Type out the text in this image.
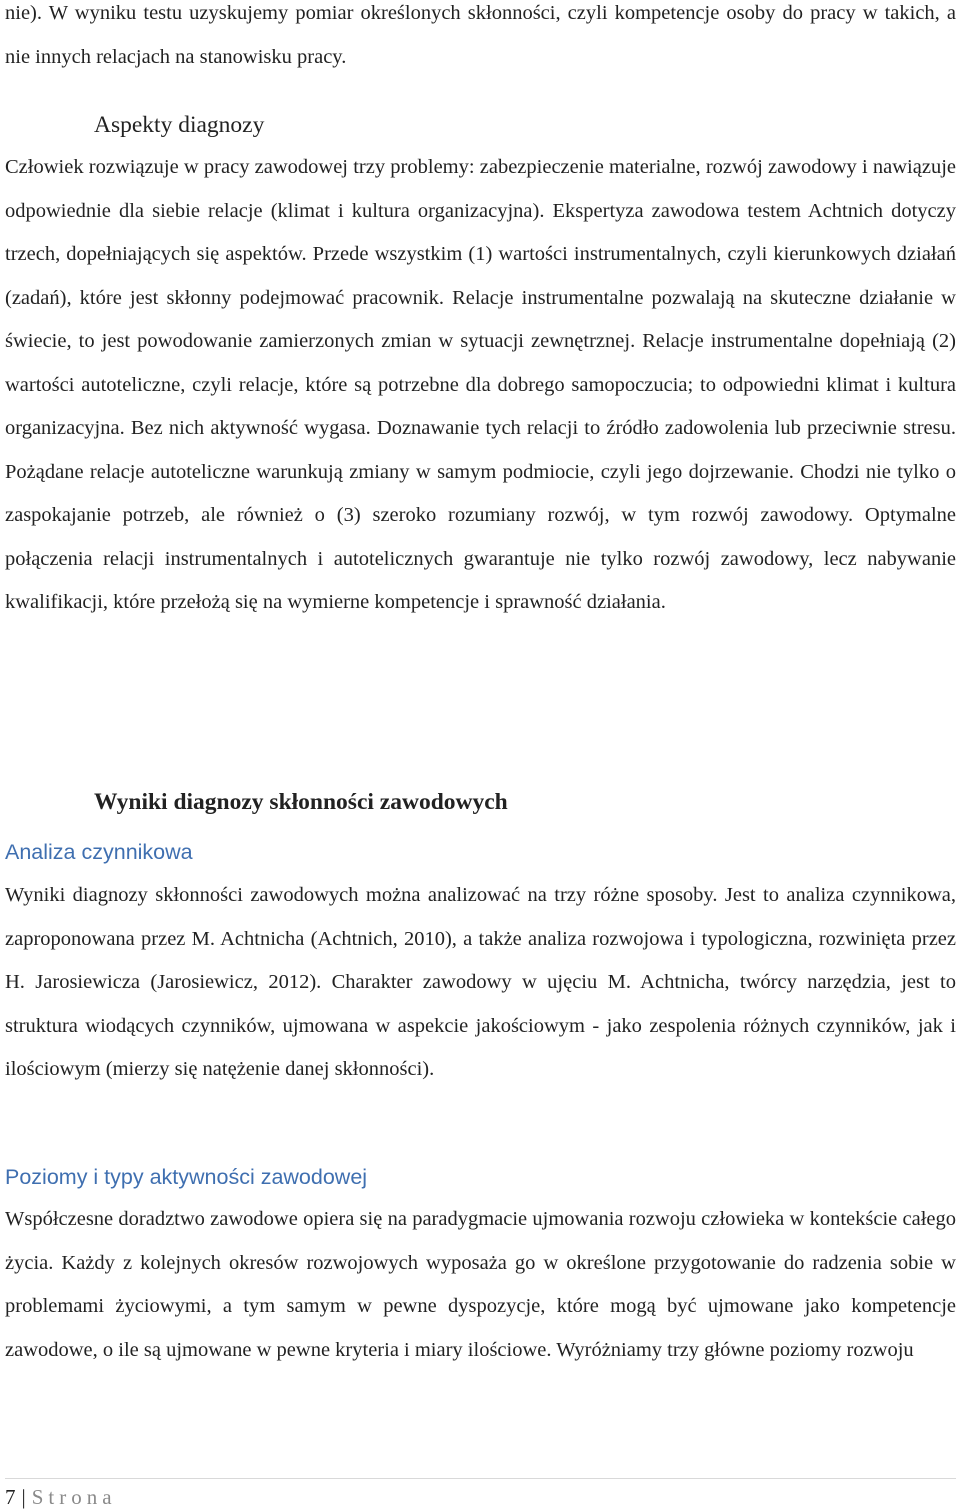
nie). W wyniku testu uzyskujemy pomiar określonych skłonności, czyli kompetencje osoby do pracy w takich, a nie innych relacjach na stanowisku pracy.

Aspekty diagnozy

Człowiek rozwiązuje w pracy zawodowej trzy problemy: zabezpieczenie materialne, rozwój zawodowy i nawiązuje odpowiednie dla siebie relacje (klimat i kultura organizacyjna). Ekspertyza zawodowa testem Achtnich dotyczy trzech, dopełniających się aspektów. Przede wszystkim (1) wartości instrumentalnych, czyli kierunkowych działań (zadań), które jest skłonny podejmować pracownik. Relacje instrumentalne pozwalają na skuteczne działanie w świecie, to jest powodowanie zamierzonych zmian w sytuacji zewnętrznej. Relacje instrumentalne dopełniają (2) wartości autoteliczne, czyli relacje, które są potrzebne dla dobrego samopoczucia; to odpowiedni klimat i kultura organizacyjna. Bez nich aktywność wygasa. Doznawanie tych relacji to źródło zadowolenia lub przeciwnie stresu. Pożądane relacje autoteliczne warunkują zmiany w samym podmiocie, czyli jego dojrzewanie. Chodzi nie tylko o zaspokajanie potrzeb, ale również o (3) szeroko rozumiany rozwój, w tym rozwój zawodowy. Optymalne połączenia relacji instrumentalnych i autotelicznych gwarantuje nie tylko rozwój zawodowy, lecz nabywanie kwalifikacji, które przełożą się na wymierne kompetencje i sprawność działania.

Wyniki diagnozy skłonności zawodowych
Analiza czynnikowa

Wyniki diagnozy skłonności zawodowych można analizować na trzy różne sposoby. Jest to analiza czynnikowa, zaproponowana przez M. Achtnicha (Achtnich, 2010), a także analiza rozwojowa i typologiczna, rozwinięta przez H. Jarosiewicza (Jarosiewicz, 2012). Charakter zawodowy w ujęciu M. Achtnicha, twórcy narzędzia, jest to struktura wiodących czynników, ujmowana w aspekcie jakościowym - jako zespolenia różnych czynników, jak i ilościowym (mierzy się natężenie danej skłonności).

Poziomy i typy aktywności zawodowej

Współczesne doradztwo zawodowe opiera się na paradygmacie ujmowania rozwoju człowieka w kontekście całego życia. Każdy z kolejnych okresów rozwojowych wyposaża go w określone przygotowanie do radzenia sobie w problemami życiowymi, a tym samym w pewne dyspozycje, które mogą być ujmowane jako kompetencje zawodowe, o ile są ujmowane w pewne kryteria i miary ilościowe. Wyróżniamy trzy główne poziomy rozwoju

7 | Strona
